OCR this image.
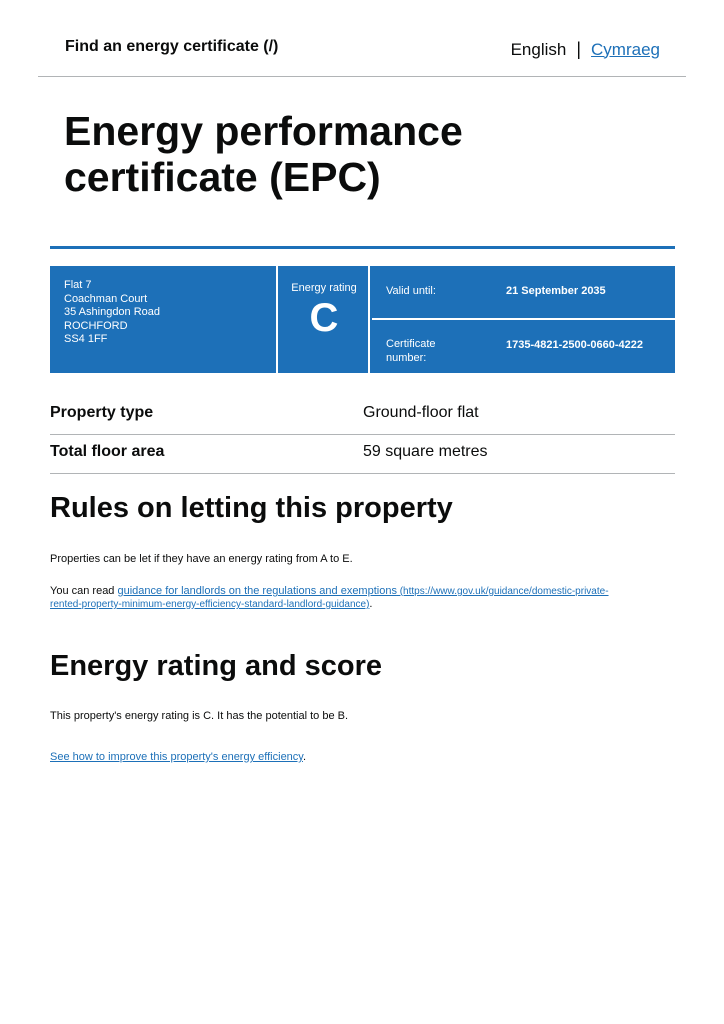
Find an energy certificate (/)	English | Cymraeg
Energy performance certificate (EPC)
Flat 7
Coachman Court
35 Ashingdon Road
ROCHFORD
SS4 1FF
Energy rating
C
Valid until:	21 September 2035
Certificate
number:
1735-4821-2500-0660-4222
Property type	Ground-floor flat
Total floor area	59 square metres
Rules on letting this property

Properties can be let if they have an energy rating from A to E.

You can read guidance for landlords on the regulations and exemptions (https://www.gov.uk/guidance/domestic-private-
rented-property-minimum-energy-efficiency-standard-landlord-guidance).

Energy rating and score

This property's energy rating is C. It has the potential to be B.

See how to improve this property's energy efficiency.
